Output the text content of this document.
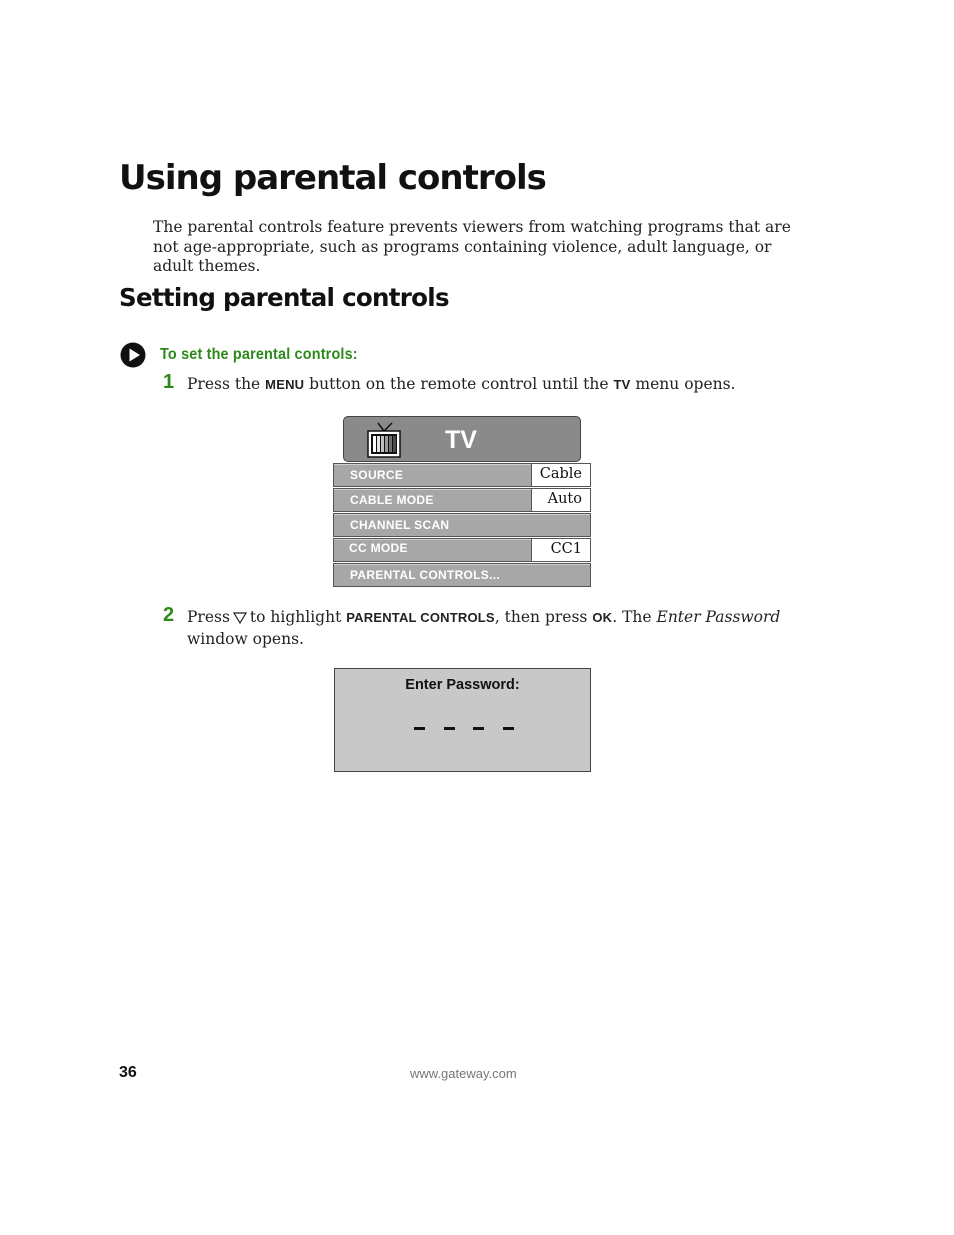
Using parental controls

The parental controls feature prevents viewers from watching programs that are not age-appropriate, such as programs containing violence, adult language, or adult themes.

Setting parental controls
To set the parental controls:
1 Press the MENU button on the remote control until the TV menu opens.
TV
SOURCE	Cable
CABLE MODE	Auto
CHANNEL SCAN
CC MODE	CC1
PARENTAL CONTROLS...
2 Press to highlight PARENTAL CONTROLS, then press OK. The Enter Password window opens.
Enter Password:
36	www.gateway.com
